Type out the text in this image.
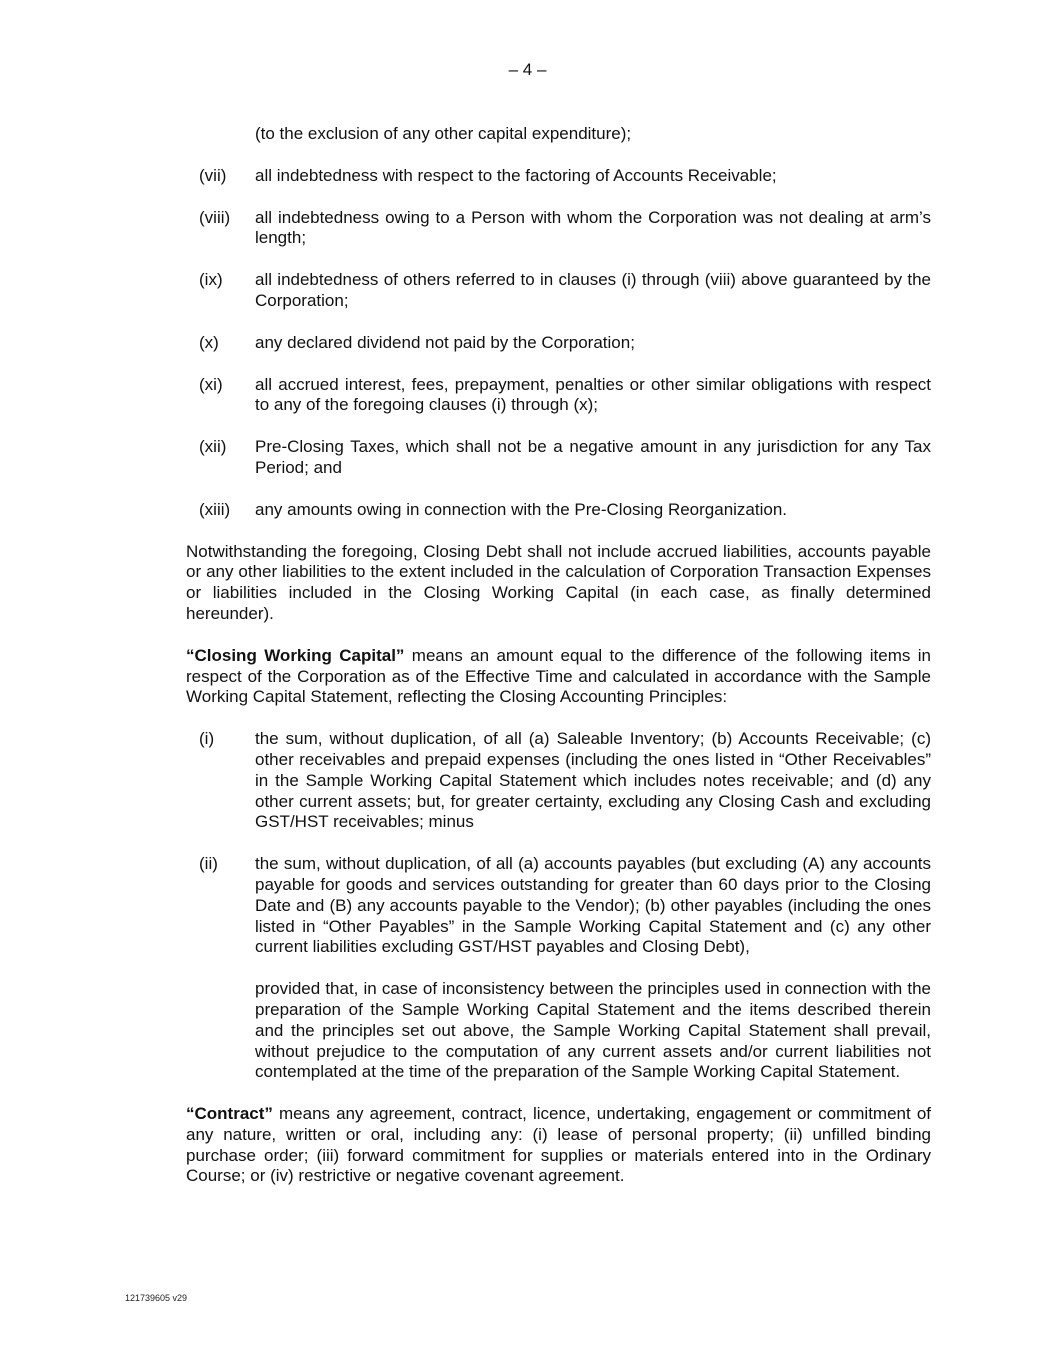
– 4 –

(to the exclusion of any other capital expenditure);

(vii) all indebtedness with respect to the factoring of Accounts Receivable;
(viii) all indebtedness owing to a Person with whom the Corporation was not dealing at arm’s length;
(ix) all indebtedness of others referred to in clauses (i) through (viii) above guaranteed by the Corporation;
(x) any declared dividend not paid by the Corporation;
(xi) all accrued interest, fees, prepayment, penalties or other similar obligations with respect to any of the foregoing clauses (i) through (x);
(xii) Pre-Closing Taxes, which shall not be a negative amount in any jurisdiction for any Tax Period; and
(xiii) any amounts owing in connection with the Pre-Closing Reorganization.

Notwithstanding the foregoing, Closing Debt shall not include accrued liabilities, accounts payable or any other liabilities to the extent included in the calculation of Corporation Transaction Expenses or liabilities included in the Closing Working Capital (in each case, as finally determined hereunder).

“Closing Working Capital” means an amount equal to the difference of the following items in respect of the Corporation as of the Effective Time and calculated in accordance with the Sample Working Capital Statement, reflecting the Closing Accounting Principles:

(i) the sum, without duplication, of all (a) Saleable Inventory; (b) Accounts Receivable; (c) other receivables and prepaid expenses (including the ones listed in “Other Receivables” in the Sample Working Capital Statement which includes notes receivable; and (d) any other current assets; but, for greater certainty, excluding any Closing Cash and excluding GST/HST receivables; minus
(ii) the sum, without duplication, of all (a) accounts payables (but excluding (A) any accounts payable for goods and services outstanding for greater than 60 days prior to the Closing Date and (B) any accounts payable to the Vendor); (b) other payables (including the ones listed in “Other Payables” in the Sample Working Capital Statement and (c) any other current liabilities excluding GST/HST payables and Closing Debt),

provided that, in case of inconsistency between the principles used in connection with the preparation of the Sample Working Capital Statement and the items described therein and the principles set out above, the Sample Working Capital Statement shall prevail, without prejudice to the computation of any current assets and/or current liabilities not contemplated at the time of the preparation of the Sample Working Capital Statement.

“Contract” means any agreement, contract, licence, undertaking, engagement or commitment of any nature, written or oral, including any: (i) lease of personal property; (ii) unfilled binding purchase order; (iii) forward commitment for supplies or materials entered into in the Ordinary Course; or (iv) restrictive or negative covenant agreement.

121739605 v29
